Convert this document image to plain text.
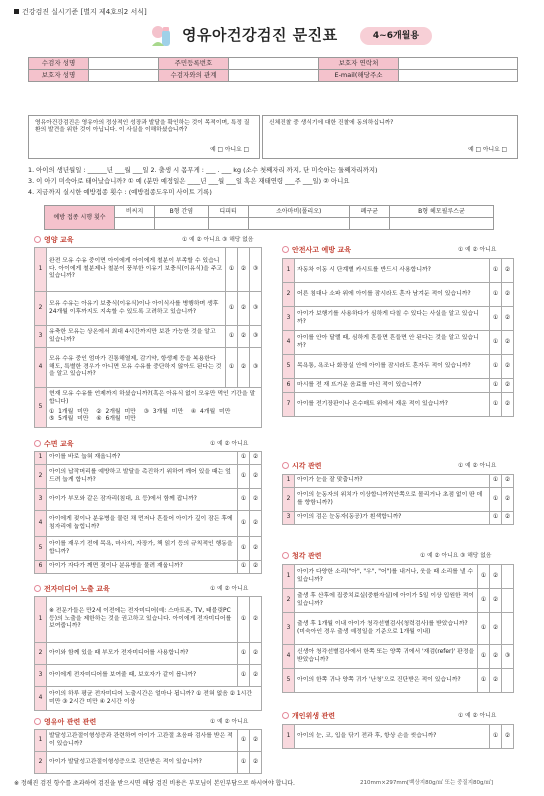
건강검진 실시기준 [별지 제4호의2 서식]
영유아건강검진 문진표	4~6개월용
수검자 성명		주민등록번호		보호자 연락처	
보호자 성명		수검자와의 관계		E-mail(해당주소	
영유아건강검진은 영유아의 정상적인 성장과 발달을 확인하는 것이 목적이며, 특정 질환의 발견을 위한 것이 아닙니다. 이 사실을 이해하셨습니까?
예 □ 아니요 □
신체진찰 중 생식기에 대한 진찰에 동의하십니까?
예 □ 아니요 □
1. 아이의 생년월일 : ______년 ___월 ___일 2. 출생 시 몸무게 : ___ . ___ kg (소수 첫째자리 까지, 단 미숙아는 둘째자리까지)
3. 이 아기 미숙아로 태어났습니까? ① 예 (분만 예정일은 ____년 ___월 ___일 혹은 재태연령 ___주 ___일) ② 아니요
4. 지금까지 실시한 예방접종 횟수 : (예방접종도우미 사이트 기록)
예방 접종 시행 횟수	비씨지	B형 간염	디피티	소아마비(폴리오)	폐구균	B형 헤모필루스균

영양 교육	① 예 ② 아니요 ③ 해당 없음
1	완전 모유 수유 중이면 아이에게 아이에게 철분이 부족할 수 있습니다. 아이에게 철분제나 철분이 풍부한 이유기 보충식(이유식)을 주고 있습니까?	①	②	③
2	모유 수유는 아유기 보충식(이유식)이나 아이식사를 병행하며 생후 24개월 이후까지도 지속할 수 있도록 고려하고 있습니까?	①	②	③
3	유축한 모유는 상온에서 최대 4시간까지만 보관 가능한 것을 알고 있습니까?	①	②	③
4	모유 수유 중인 엄마가 진통해열제, 감기약, 항생제 등을 복용한다 해도, 특별한 경우가 아니면 모유 수유를 중단하지 않아도 된다는 것을 알고 있습니까?	①	②	③
5	현재 모유 수유를 언제까지 하셨습니까?(혹은 아유식 없이 모유만 먹인 기간을 말합니다)
① 1개월 미만 ② 2개월 미만 ③ 3개월 미만 ④ 4개월 미만
⑤ 5개월 미만 ⑥ 6개월 미만			
수면 교육	① 예 ② 아니요
1	아이를 바로 눕혀 재웁니까?	①	②
2	아이의 납작머리를 예방하고 발달을 촉진하기 위하여 깨어 있을 때는 엎드려 눕게 합니까?	①	②
3	아이가 부모와 같은 잠자리(침대, 요 등)에서 함께 잡니까?	①	②
4	아이에게 젖이나 분유병을 물린 채 먼저나 흔들어 아이가 깊이 잠든 후에 침자리에 눕힙니까?	①	②
5	아이를 재우기 전에 목욕, 마사지, 자장가, 책 읽기 등의 규칙적인 행동을 합니까?	①	②
6	아이가 자다가 깨면 젖이나 분유병을 물려 재웁니까?	①	②
전자미디어 노출 교육	① 예 ② 아니요
1	※ 전문가들은 만2세 이전에는 전자미디어(예: 스마트폰, TV, 태블릿PC 등)의 노출을 제한하는 것을 권고하고 있습니다. 아이에게 전자미디어를 보여줍니까?	①	②
2	아이와 함께 있을 때 부모가 전자미디어를 사용합니까?	①	②
3	아이에게 전자미디어를 보여줄 때, 보호자가 같이 봅니까?	①	②
4	아이의 하루 평균 전자미디어 노출시간은 얼마나 됩니까? ① 전혀 없음 ② 1시간 미만 ③ 2시간 미만 ④ 2시간 이상		
영유아 관련 관련	① 예 ② 아니요
1	발달성고관절이형성증과 관련하여 아이가 고관절 초음파 검사를 받은 적이 있습니까?	①	②
2	아이가 발달성고관절이형성증으로 진단받은 적이 있습니까?	①	②
안전사고 예방 교육	① 예 ② 아니요
1	자동차 이동 시 단계별 카시트를 반드시 사용합니까?	①	②
2	어른 침대나 소파 위에 아이를 잠시라도 혼자 남겨둔 적이 있습니까?	①	②
3	아이가 보행기를 사용하다가 심하게 다칠 수 있다는 사실을 알고 있습니까?	①	②
4	아이를 안아 달랠 때, 심하게 흔들면 흔들면 안 된다는 것을 알고 있습니까?	①	②
5	목욕통, 욕조나 화장실 안에 아이를 잠시라도 혼자두 적이 있습니까?	①	②
6	마시를 전 재 뜨거운 음료를 마신 적이 있습니까?	①	②
7	아이를 전기장판이나 온수매트 위에서 재운 적이 있습니까?	①	②
시각 관련	① 예 ② 아니요
1	아이가 눈을 잘 맞춥니까?	①	②
2	아이의 눈동자의 위치가 이상합니까?(안쪽으로 몰리거나 초점 없이 딴 데를 향함니까?)	①	②
3	아이의 검은 눈동자(동공)가 흰색합니까?	①	②
청각 관련	① 예 ② 아니요 ③ 해당 없음
1	아이가 다양한 소리("아", "우", "어")를 내거나, 웃을 때 소리를 낼 수 있습니까?	①	②	
2	출생 후 산후에 집중치료실(중환자실)에 아이가 5일 이상 입원한 적이 있습니까?	①	②	
3	출생 후 1개월 이내 아이가 청각선별검사(청력검사)를 받았습니까? (미숙아인 경우 출생 예정일을 기준으로 1개월 이내)	①	②	
4	신생아 청각선별검사에서 한쪽 또는 양쪽 귀에서 '재검(refer)' 판정을 받았습니까?	①	②	③
5	아이의 한쪽 귀나 양쪽 귀가 '난청'으로 진단받은 적이 있습니까?	①	②	
개인위생 관련	① 예 ② 아니요
1	아이의 눈, 코, 입을 닦기 전과 후, 항상 손을 씻습니까?	①	②
※ 정해진 검진 항수를 초과하여 검진을 받으시면 해당 검진 비용은 부모님이 본인부담으로 하시여야 합니다.	210mm×297mm[백상지80g/㎡ 또는 중질지80g/㎡]
